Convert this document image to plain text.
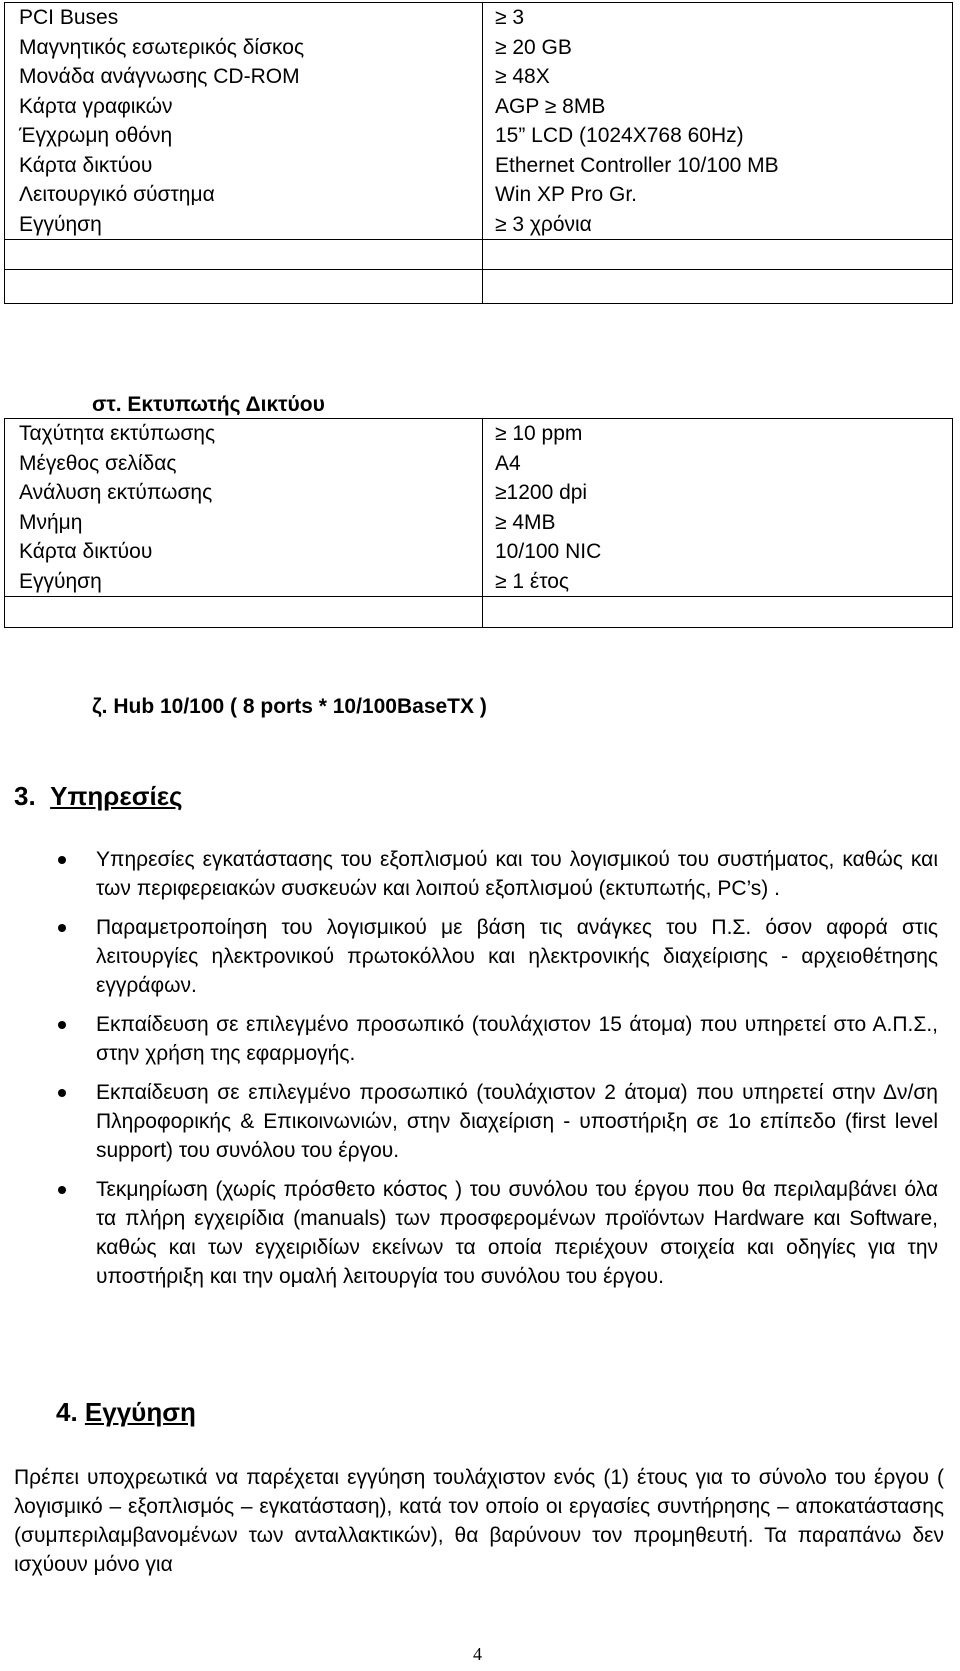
PCI Buses	≥ 3
Μαγνητικός εσωτερικός δίσκος	≥ 20 GB
Μονάδα ανάγνωσης CD-ROM	≥ 48X
Κάρτα γραφικών	AGP ≥ 8MB
Έγχρωμη οθόνη	15” LCD (1024X768 60Hz)
Κάρτα δικτύου	Ethernet Controller 10/100 MB
Λειτουργικό σύστημα	Win XP Pro Gr.
Εγγύηση	≥ 3 χρόνια
στ. Εκτυπωτής Δικτύου
Ταχύτητα εκτύπωσης	≥ 10 ppm
Μέγεθος σελίδας	A4
Ανάλυση εκτύπωσης	≥1200 dpi
Μνήμη	≥ 4MB
Κάρτα δικτύου	10/100 NIC
Εγγύηση	≥ 1 έτος
ζ. Hub 10/100 ( 8 ports * 10/100BaseTX )
3. Υπηρεσίες
Υπηρεσίες εγκατάστασης του εξοπλισμού και του λογισμικού του συστήματος, καθώς και των περιφερειακών συσκευών και λοιπού εξοπλισμού (εκτυπωτής, PC’s) .
Παραμετροποίηση του λογισμικού με βάση τις ανάγκες του Π.Σ. όσον αφορά στις λειτουργίες ηλεκτρονικού πρωτοκόλλου και ηλεκτρονικής διαχείρισης - αρχειοθέτησης εγγράφων.
Εκπαίδευση σε επιλεγμένο προσωπικό (τουλάχιστον 15 άτομα) που υπηρετεί στο Α.Π.Σ., στην χρήση της εφαρμογής.
Εκπαίδευση σε επιλεγμένο προσωπικό (τουλάχιστον 2 άτομα) που υπηρετεί στην Δν/ση Πληροφορικής & Επικοινωνιών, στην διαχείριση - υποστήριξη σε 1ο επίπεδο (first level support) του συνόλου του έργου.
Τεκμηρίωση (χωρίς πρόσθετο κόστος ) του συνόλου του έργου που θα περιλαμβάνει όλα τα πλήρη εγχειρίδια (manuals) των προσφερομένων προϊόντων Hardware και Software, καθώς και των εγχειριδίων εκείνων τα οποία περιέχουν στοιχεία και οδηγίες για την υποστήριξη και την ομαλή λειτουργία του συνόλου του έργου.
4. Εγγύηση
Πρέπει υποχρεωτικά να παρέχεται εγγύηση τουλάχιστον ενός (1) έτους για το σύνολο του έργου ( λογισμικό – εξοπλισμός – εγκατάσταση), κατά τον οποίο οι εργασίες συντήρησης – αποκατάστασης (συμπεριλαμβανομένων των ανταλλακτικών), θα βαρύνουν τον προμηθευτή. Τα παραπάνω δεν ισχύουν μόνο για
4
